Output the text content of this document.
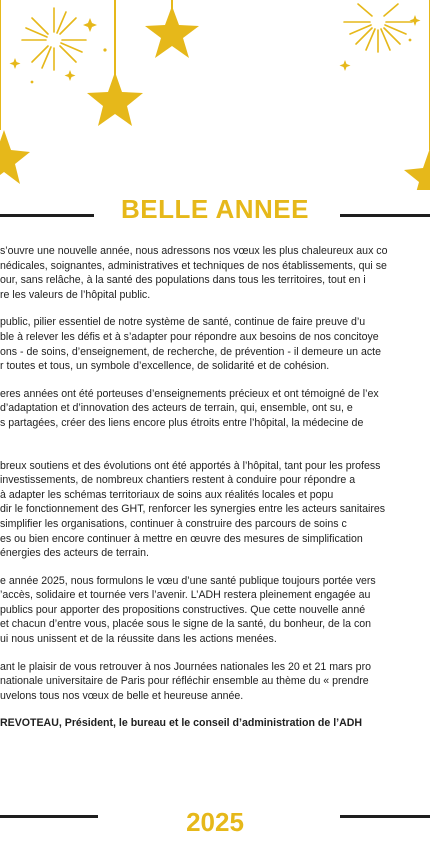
BELLE ANNEE
s’ouvre une nouvelle année, nous adressons nos vœux les plus chaleureux aux co
nédicales, soignantes, administratives et techniques de nos établissements, qui se
our, sans relâche, à la santé des populations dans tous les territoires, tout en i
re les valeurs de l’hôpital public.
public, pilier essentiel de notre système de santé, continue de faire preuve d’u
ble à relever les défis et à s’adapter pour répondre aux besoins de nos concitoye
ons - de soins, d’enseignement, de recherche, de prévention - il demeure un acte
r toutes et tous, un symbole d’excellence, de solidarité et de cohésion.
eres années ont été porteuses d’enseignements précieux et ont témoigné de l’ex
d’adaptation et d’innovation des acteurs de terrain, qui, ensemble, ont su, e
s partagées, créer des liens encore plus étroits entre l’hôpital, la médecine de
breux soutiens et des évolutions ont été apportés à l’hôpital, tant pour les profess
investissements, de nombreux chantiers restent à conduire pour répondre a
à adapter les schémas territoriaux de soins aux réalités locales et popu
dir le fonctionnement des GHT, renforcer les synergies entre les acteurs sanitaires
simplifier les organisations, continuer à construire des parcours de soins c
es ou bien encore continuer à mettre en œuvre des mesures de simplification
énergies des acteurs de terrain.
e année 2025, nous formulons le vœu d’une santé publique toujours portée vers
’accès, solidaire et tournée vers l’avenir. L’ADH restera pleinement engagée au
publics pour apporter des propositions constructives. Que cette nouvelle anné
et chacun d’entre vous, placée sous le signe de la santé, du bonheur, de la con
ui nous unissent et de la réussite dans les actions menées.
ant le plaisir de vous retrouver à nos Journées nationales les 20 et 21 mars pro
nationale universitaire de Paris pour réfléchir ensemble au thème du « prendre
uvelons tous nos vœux de belle et heureuse année.
REVOTEAU, Président, le bureau et le conseil d’administration de l’ADH
2025
